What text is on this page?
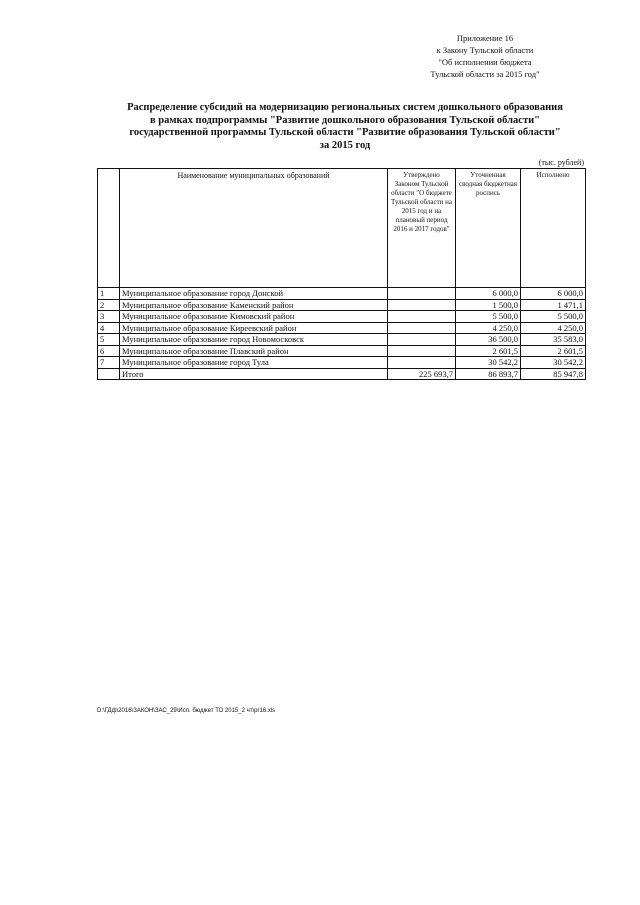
Приложение 16
к Закону Тульской области
"Об исполнении бюджета
Тульской области за 2015 год"
Распределение субсидий на модернизацию региональных систем дошкольного образования
в рамках подпрограммы "Развитие дошкольного образования Тульской области"
государственной программы Тульской области "Развитие образования Тульской области"
за 2015 год
(тыс. рублей)
	Наименование муниципальных образований	Утверждено Законом Тульской области "О бюджете Тульской области на 2015 год и на плановый период 2016 и 2017 годов"	Уточненная сводная бюджетная роспись	Исполнено
1	Муниципальное образование город Донской		6 000,0	6 000,0
2	Муниципальное образование Каменский район		1 500,0	1 471,1
3	Муниципальное образование Кимовский район		5 500,0	5 500,0
4	Муниципальное образование Киреевский район		4 250,0	4 250,0
5	Муниципальное образование город Новомосковск		36 500,0	35 583,0
6	Муниципальное образование Плавский район		2 601,5	2 601,5
7	Муниципальное образование город Тула		30 542,2	30 542,2
	Итого	225 693,7	86 893,7	85 947,8
D:\ГДф\2016\ЗАКОН\ЗАС_29\Исп. бюджет ТО 2015_2 чт\pr16.xls
